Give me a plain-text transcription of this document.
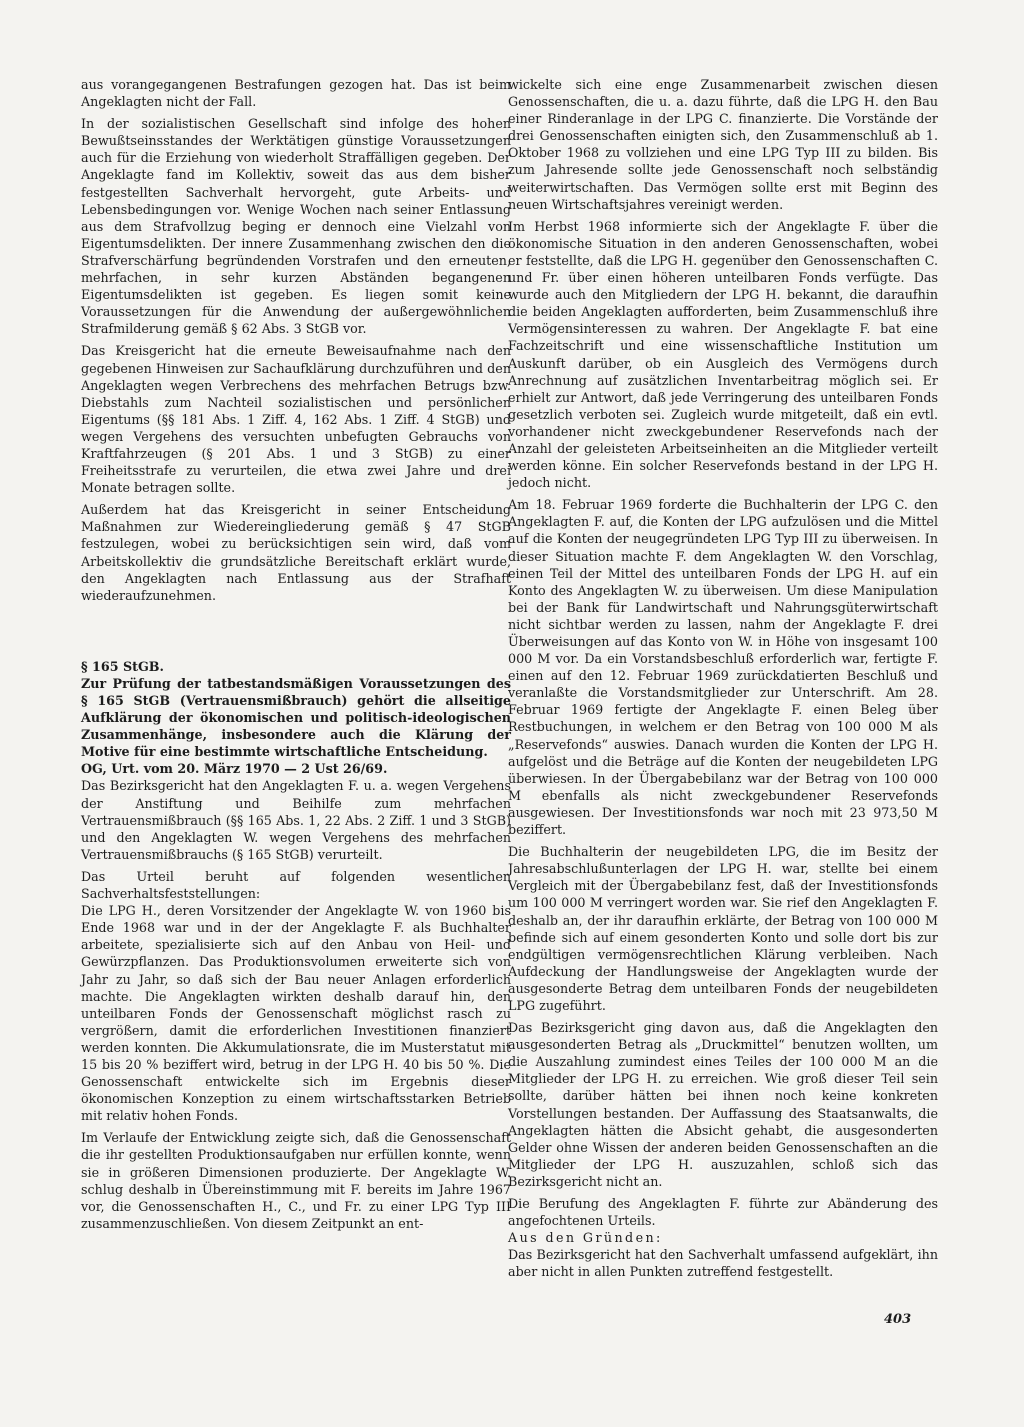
aus vorangegangenen Bestrafungen gezogen hat. Das ist beim Angeklagten nicht der Fall.

In der sozialistischen Gesellschaft sind infolge des hohen Bewußtseinsstandes der Werktätigen günstige Voraussetzungen auch für die Erziehung von wiederholt Straffälligen gegeben. Der Angeklagte fand im Kollektiv, soweit das aus dem bisher festgestellten Sachverhalt hervorgeht, gute Arbeits- und Lebensbedingungen vor. Wenige Wochen nach seiner Entlassung aus dem Strafvollzug beging er dennoch eine Vielzahl von Eigentumsdelikten. Der innere Zusammenhang zwischen den die Strafverschärfung begründenden Vorstrafen und den erneuten, mehrfachen, in sehr kurzen Abständen begangenen Eigentumsdelikten ist gegeben. Es liegen somit keine Voraussetzungen für die Anwendung der außergewöhnlichen Strafmilderung gemäß § 62 Abs. 3 StGB vor.

Das Kreisgericht hat die erneute Beweisaufnahme nach den gegebenen Hinweisen zur Sachaufklärung durchzuführen und den Angeklagten wegen Verbrechens des mehrfachen Betrugs bzw. Diebstahls zum Nachteil sozialistischen und persönlichen Eigentums (§§ 181 Abs. 1 Ziff. 4, 162 Abs. 1 Ziff. 4 StGB) und wegen Vergehens des versuchten unbefugten Gebrauchs von Kraftfahrzeugen (§ 201 Abs. 1 und 3 StGB) zu einer Freiheitsstrafe zu verurteilen, die etwa zwei Jahre und drei Monate betragen sollte.

Außerdem hat das Kreisgericht in seiner Entscheidung Maßnahmen zur Wiedereingliederung gemäß § 47 StGB festzulegen, wobei zu berücksichtigen sein wird, daß vom Arbeitskollektiv die grundsätzliche Bereitschaft erklärt wurde, den Angeklagten nach Entlassung aus der Strafhaft wiederaufzunehmen.

§ 165 StGB.

Zur Prüfung der tatbestandsmäßigen Voraussetzungen des § 165 StGB (Vertrauensmißbrauch) gehört die allseitige Aufklärung der ökonomischen und politisch-ideologischen Zusammenhänge, insbesondere auch die Klärung der Motive für eine bestimmte wirtschaftliche Entscheidung.

OG, Urt. vom 20. März 1970 — 2 Ust 26/69.

Das Bezirksgericht hat den Angeklagten F. u. a. wegen Vergehens der Anstiftung und Beihilfe zum mehrfachen Vertrauensmißbrauch (§§ 165 Abs. 1, 22 Abs. 2 Ziff. 1 und 3 StGB) und den Angeklagten W. wegen Vergehens des mehrfachen Vertrauensmißbrauchs (§ 165 StGB) verurteilt.

Das Urteil beruht auf folgenden wesentlichen Sachverhaltsfeststellungen:

Die LPG H., deren Vorsitzender der Angeklagte W. von 1960 bis Ende 1968 war und in der der Angeklagte F. als Buchhalter arbeitete, spezialisierte sich auf den Anbau von Heil- und Gewürzpflanzen. Das Produktionsvolumen erweiterte sich von Jahr zu Jahr, so daß sich der Bau neuer Anlagen erforderlich machte. Die Angeklagten wirkten deshalb darauf hin, den unteilbaren Fonds der Genossenschaft möglichst rasch zu vergrößern, damit die erforderlichen Investitionen finanziert werden konnten. Die Akkumulationsrate, die im Musterstatut mit 15 bis 20 % beziffert wird, betrug in der LPG H. 40 bis 50 %. Die Genossenschaft entwickelte sich im Ergebnis dieser ökonomischen Konzeption zu einem wirtschaftsstarken Betrieb mit relativ hohen Fonds.

Im Verlaufe der Entwicklung zeigte sich, daß die Genossenschaft die ihr gestellten Produktionsaufgaben nur erfüllen konnte, wenn sie in größeren Dimensionen produzierte. Der Angeklagte W. schlug deshalb in Übereinstimmung mit F. bereits im Jahre 1967 vor, die Genossenschaften H., C., und Fr. zu einer LPG Typ III zusammenzuschließen. Von diesem Zeitpunkt an ent-

wickelte sich eine enge Zusammenarbeit zwischen diesen Genossenschaften, die u. a. dazu führte, daß die LPG H. den Bau einer Rinderanlage in der LPG C. finanzierte. Die Vorstände der drei Genossenschaften einigten sich, den Zusammenschluß ab 1. Oktober 1968 zu vollziehen und eine LPG Typ III zu bilden. Bis zum Jahresende sollte jede Genossenschaft noch selbständig weiterwirtschaften. Das Vermögen sollte erst mit Beginn des neuen Wirtschaftsjahres vereinigt werden.

Im Herbst 1968 informierte sich der Angeklagte F. über die ökonomische Situation in den anderen Genossenschaften, wobei er feststellte, daß die LPG H. gegenüber den Genossenschaften C. und Fr. über einen höheren unteilbaren Fonds verfügte. Das wurde auch den Mitgliedern der LPG H. bekannt, die daraufhin die beiden Angeklagten aufforderten, beim Zusammenschluß ihre Vermögensinteressen zu wahren. Der Angeklagte F. bat eine Fachzeitschrift und eine wissenschaftliche Institution um Auskunft darüber, ob ein Ausgleich des Vermögens durch Anrechnung auf zusätzlichen Inventarbeitrag möglich sei. Er erhielt zur Antwort, daß jede Verringerung des unteilbaren Fonds gesetzlich verboten sei. Zugleich wurde mitgeteilt, daß ein evtl. vorhandener nicht zweckgebundener Reservefonds nach der Anzahl der geleisteten Arbeitseinheiten an die Mitglieder verteilt werden könne. Ein solcher Reservefonds bestand in der LPG H. jedoch nicht.

Am 18. Februar 1969 forderte die Buchhalterin der LPG C. den Angeklagten F. auf, die Konten der LPG aufzulösen und die Mittel auf die Konten der neugegründeten LPG Typ III zu überweisen. In dieser Situation machte F. dem Angeklagten W. den Vorschlag, einen Teil der Mittel des unteilbaren Fonds der LPG H. auf ein Konto des Angeklagten W. zu überweisen. Um diese Manipulation bei der Bank für Landwirtschaft und Nahrungsgüterwirtschaft nicht sichtbar werden zu lassen, nahm der Angeklagte F. drei Überweisungen auf das Konto von W. in Höhe von insgesamt 100 000 M vor. Da ein Vorstandsbeschluß erforderlich war, fertigte F. einen auf den 12. Februar 1969 zurückdatierten Beschluß und veranlaßte die Vorstandsmitglieder zur Unterschrift. Am 28. Februar 1969 fertigte der Angeklagte F. einen Beleg über Restbuchungen, in welchem er den Betrag von 100 000 M als „Reservefonds“ auswies. Danach wurden die Konten der LPG H. aufgelöst und die Beträge auf die Konten der neugebildeten LPG überwiesen. In der Übergabebilanz war der Betrag von 100 000 M ebenfalls als nicht zweckgebundener Reservefonds ausgewiesen. Der Investitionsfonds war noch mit 23 973,50 M beziffert.

Die Buchhalterin der neugebildeten LPG, die im Besitz der Jahresabschlußunterlagen der LPG H. war, stellte bei einem Vergleich mit der Übergabebilanz fest, daß der Investitionsfonds um 100 000 M verringert worden war. Sie rief den Angeklagten F. deshalb an, der ihr daraufhin erklärte, der Betrag von 100 000 M befinde sich auf einem gesonderten Konto und solle dort bis zur endgültigen vermögensrechtlichen Klärung verbleiben. Nach Aufdeckung der Handlungsweise der Angeklagten wurde der ausgesonderte Betrag dem unteilbaren Fonds der neugebildeten LPG zugeführt.

Das Bezirksgericht ging davon aus, daß die Angeklagten den ausgesonderten Betrag als „Druckmittel“ benutzen wollten, um die Auszahlung zumindest eines Teiles der 100 000 M an die Mitglieder der LPG H. zu erreichen. Wie groß dieser Teil sein sollte, darüber hätten bei ihnen noch keine konkreten Vorstellungen bestanden. Der Auffassung des Staatsanwalts, die Angeklagten hätten die Absicht gehabt, die ausgesonderten Gelder ohne Wissen der anderen beiden Genossenschaften an die Mitglieder der LPG H. auszuzahlen, schloß sich das Bezirksgericht nicht an.

Die Berufung des Angeklagten F. führte zur Abänderung des angefochtenen Urteils.

Aus den Gründen:

Das Bezirksgericht hat den Sachverhalt umfassend aufgeklärt, ihn aber nicht in allen Punkten zutreffend festgestellt.

403
